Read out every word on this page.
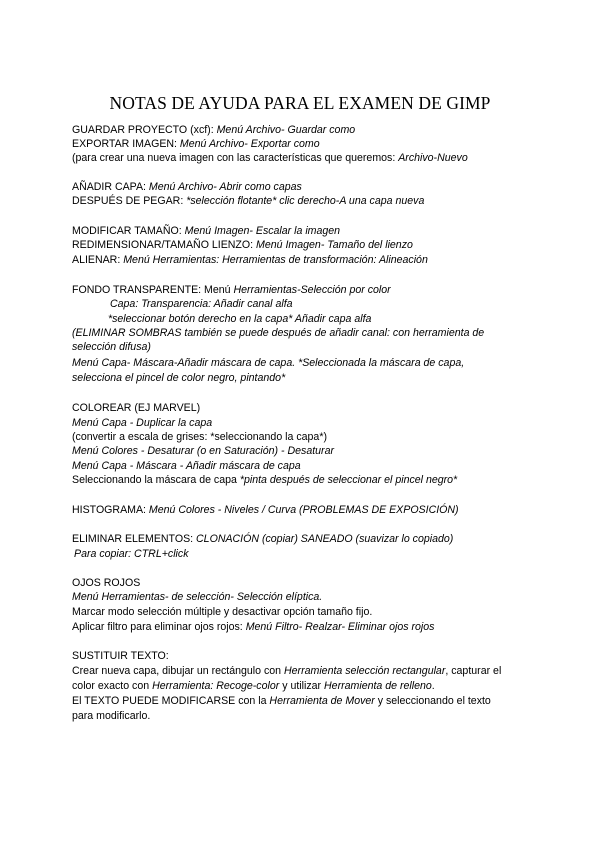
NOTAS DE AYUDA PARA EL EXAMEN DE GIMP
GUARDAR PROYECTO (xcf): Menú Archivo- Guardar como
EXPORTAR IMAGEN: Menú Archivo- Exportar como
(para crear una nueva imagen con las características que queremos: Archivo-Nuevo
AÑADIR CAPA: Menú Archivo- Abrir como capas
DESPUÉS DE PEGAR: *selección flotante* clic derecho-A una capa nueva
MODIFICAR TAMAÑO: Menú Imagen- Escalar la imagen
REDIMENSIONAR/TAMAÑO LIENZO: Menú Imagen- Tamaño del lienzo
ALIENAR: Menú Herramientas: Herramientas de transformación: Alineación
FONDO TRANSPARENTE: Menú Herramientas-Selección por color
Capa: Transparencia: Añadir canal alfa
*seleccionar botón derecho en la capa* Añadir capa alfa
(ELIMINAR SOMBRAS también se puede después de añadir canal: con herramienta de
selección difusa)
Menú Capa- Máscara-Añadir máscara de capa. *Seleccionada la máscara de capa,
selecciona el pincel de color negro, pintando*
COLOREAR (EJ MARVEL)
Menú Capa - Duplicar la capa
(convertir a escala de grises: *seleccionando la capa*)
Menú Colores - Desaturar (o en Saturación) - Desaturar
Menú Capa - Máscara - Añadir máscara de capa
Seleccionando la máscara de capa *pinta después de seleccionar el pincel negro*
HISTOGRAMA: Menú Colores - Niveles / Curva (PROBLEMAS DE EXPOSICIÓN)
ELIMINAR ELEMENTOS: CLONACIÓN (copiar) SANEADO (suavizar lo copiado)
Para copiar: CTRL+click
OJOS ROJOS
Menú Herramientas- de selección- Selección elíptica.
Marcar modo selección múltiple y desactivar opción tamaño fijo.
Aplicar filtro para eliminar ojos rojos: Menú Filtro- Realzar- Eliminar ojos rojos
SUSTITUIR TEXTO:
Crear nueva capa, dibujar un rectángulo con Herramienta selección rectangular, capturar el
color exacto con Herramienta: Recoge-color y utilizar Herramienta de relleno.
El TEXTO PUEDE MODIFICARSE con la Herramienta de Mover y seleccionando el texto
para modificarlo.
